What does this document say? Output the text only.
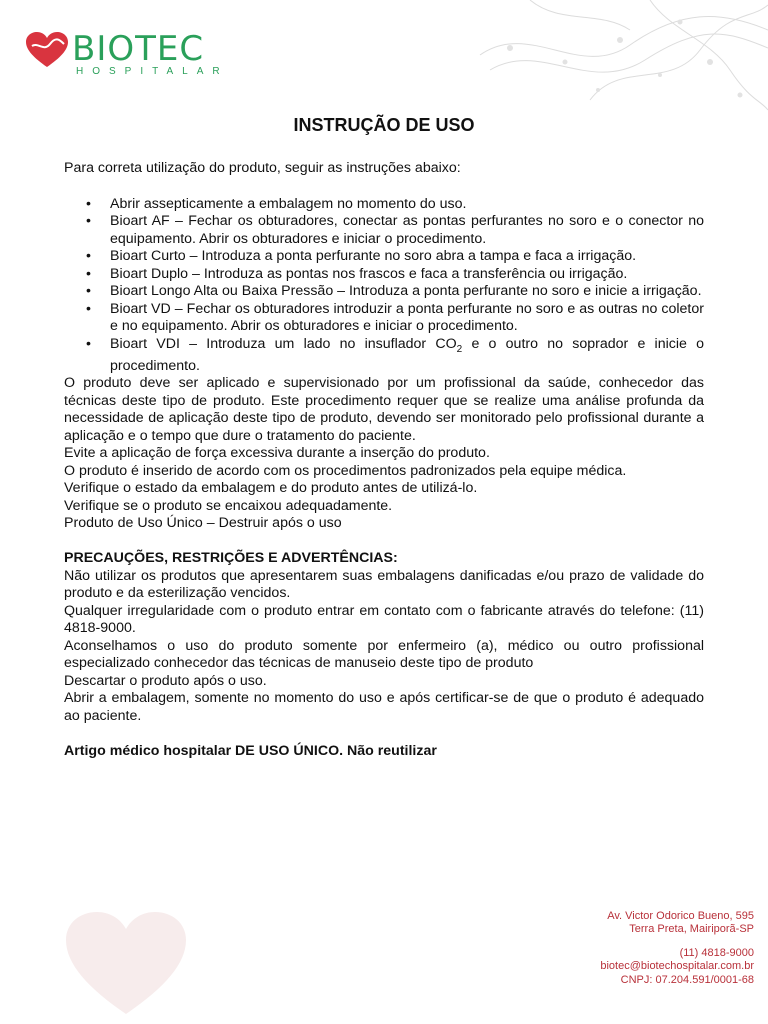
BIOTEC
HOSPITALAR
INSTRUÇÃO DE USO

Para correta utilização do produto, seguir as instruções abaixo:

• Abrir assepticamente a embalagem no momento do uso.
• Bioart AF – Fechar os obturadores, conectar as pontas perfurantes no soro e o conector no equipamento. Abrir os obturadores e iniciar o procedimento.
• Bioart Curto – Introduza a ponta perfurante no soro abra a tampa e faca a irrigação.
• Bioart Duplo – Introduza as pontas nos frascos e faca a transferência ou irrigação.
• Bioart Longo Alta ou Baixa Pressão – Introduza a ponta perfurante no soro e inicie a irrigação.
• Bioart VD – Fechar os obturadores introduzir a ponta perfurante no soro e as outras no coletor e no equipamento. Abrir os obturadores e iniciar o procedimento.
• Bioart VDI – Introduza um lado no insuflador $CO_2$ e o outro no soprador e inicie o procedimento.

O produto deve ser aplicado e supervisionado por um profissional da saúde, conhecedor das técnicas deste tipo de produto. Este procedimento requer que se realize uma análise profunda da necessidade de aplicação deste tipo de produto, devendo ser monitorado pelo profissional durante a aplicação e o tempo que dure o tratamento do paciente.

Evite a aplicação de força excessiva durante a inserção do produto.

O produto é inserido de acordo com os procedimentos padronizados pela equipe médica.

Verifique o estado da embalagem e do produto antes de utilizá-lo.

Verifique se o produto se encaixou adequadamente.

Produto de Uso Único – Destruir após o uso

PRECAUÇÕES, RESTRIÇÕES E ADVERTÊNCIAS:

Não utilizar os produtos que apresentarem suas embalagens danificadas e/ou prazo de validade do produto e da esterilização vencidos.

Qualquer irregularidade com o produto entrar em contato com o fabricante através do telefone: (11) 4818-9000.

Aconselhamos o uso do produto somente por enfermeiro (a), médico ou outro profissional especializado conhecedor das técnicas de manuseio deste tipo de produto

Descartar o produto após o uso.

Abrir a embalagem, somente no momento do uso e após certificar-se de que o produto é adequado ao paciente.

Artigo médico hospitalar DE USO ÚNICO. Não reutilizar

Av. Victor Odorico Bueno, 595
Terra Preta, Mairiporã-SP
(11) 4818-9000
biotec@biotechospitalar.com.br
CNPJ: 07.204.591/0001-68
